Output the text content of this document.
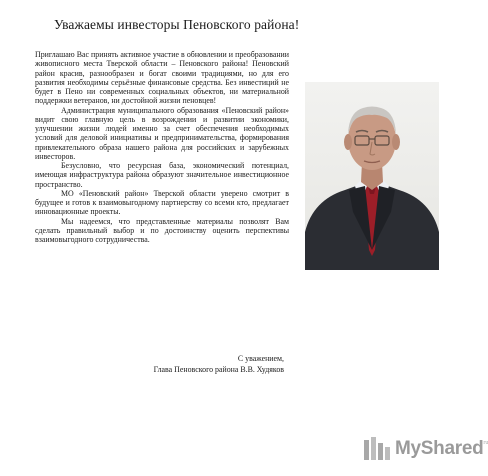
Уважаемы инвесторы Пеновского района!

Приглашаю Вас принять активное участие в обновлении и преобразовании живописного места Тверской области – Пеновского района! Пеновский район красив, разнообразен и богат своими традициями, но для его развития необходимы серьёзные финансовые средства. Без инвестиций не будет в Пено ни современных социальных объектов, ни материальной поддержки ветеранов, ни достойной жизни пеновцев!

Администрация муниципального образования «Пеновский район» видит свою главную цель в возрождении и развитии экономики, улучшении жизни людей именно за счет обеспечения необходимых условий для деловой инициативы и предпринимательства, формирования привлекательного образа нашего района для российских и зарубежных инвесторов.

Безусловно, что ресурсная база, экономический потенциал, имеющая инфраструктура района образуют значительное инвестиционное пространство.

МО «Пеновский район» Тверской области уверено смотрит в будущее и готов к взаимовыгодному партнерству со всеми кто, предлагает инновационные проекты.

Мы надеемся, что представленные материалы позволят Вам сделать правильный выбор и по достоинству оценить перспективы взаимовыгодного сотрудничества.

С уважением,
Глава Пеновского района В.В. Худяков
MyShared ru
